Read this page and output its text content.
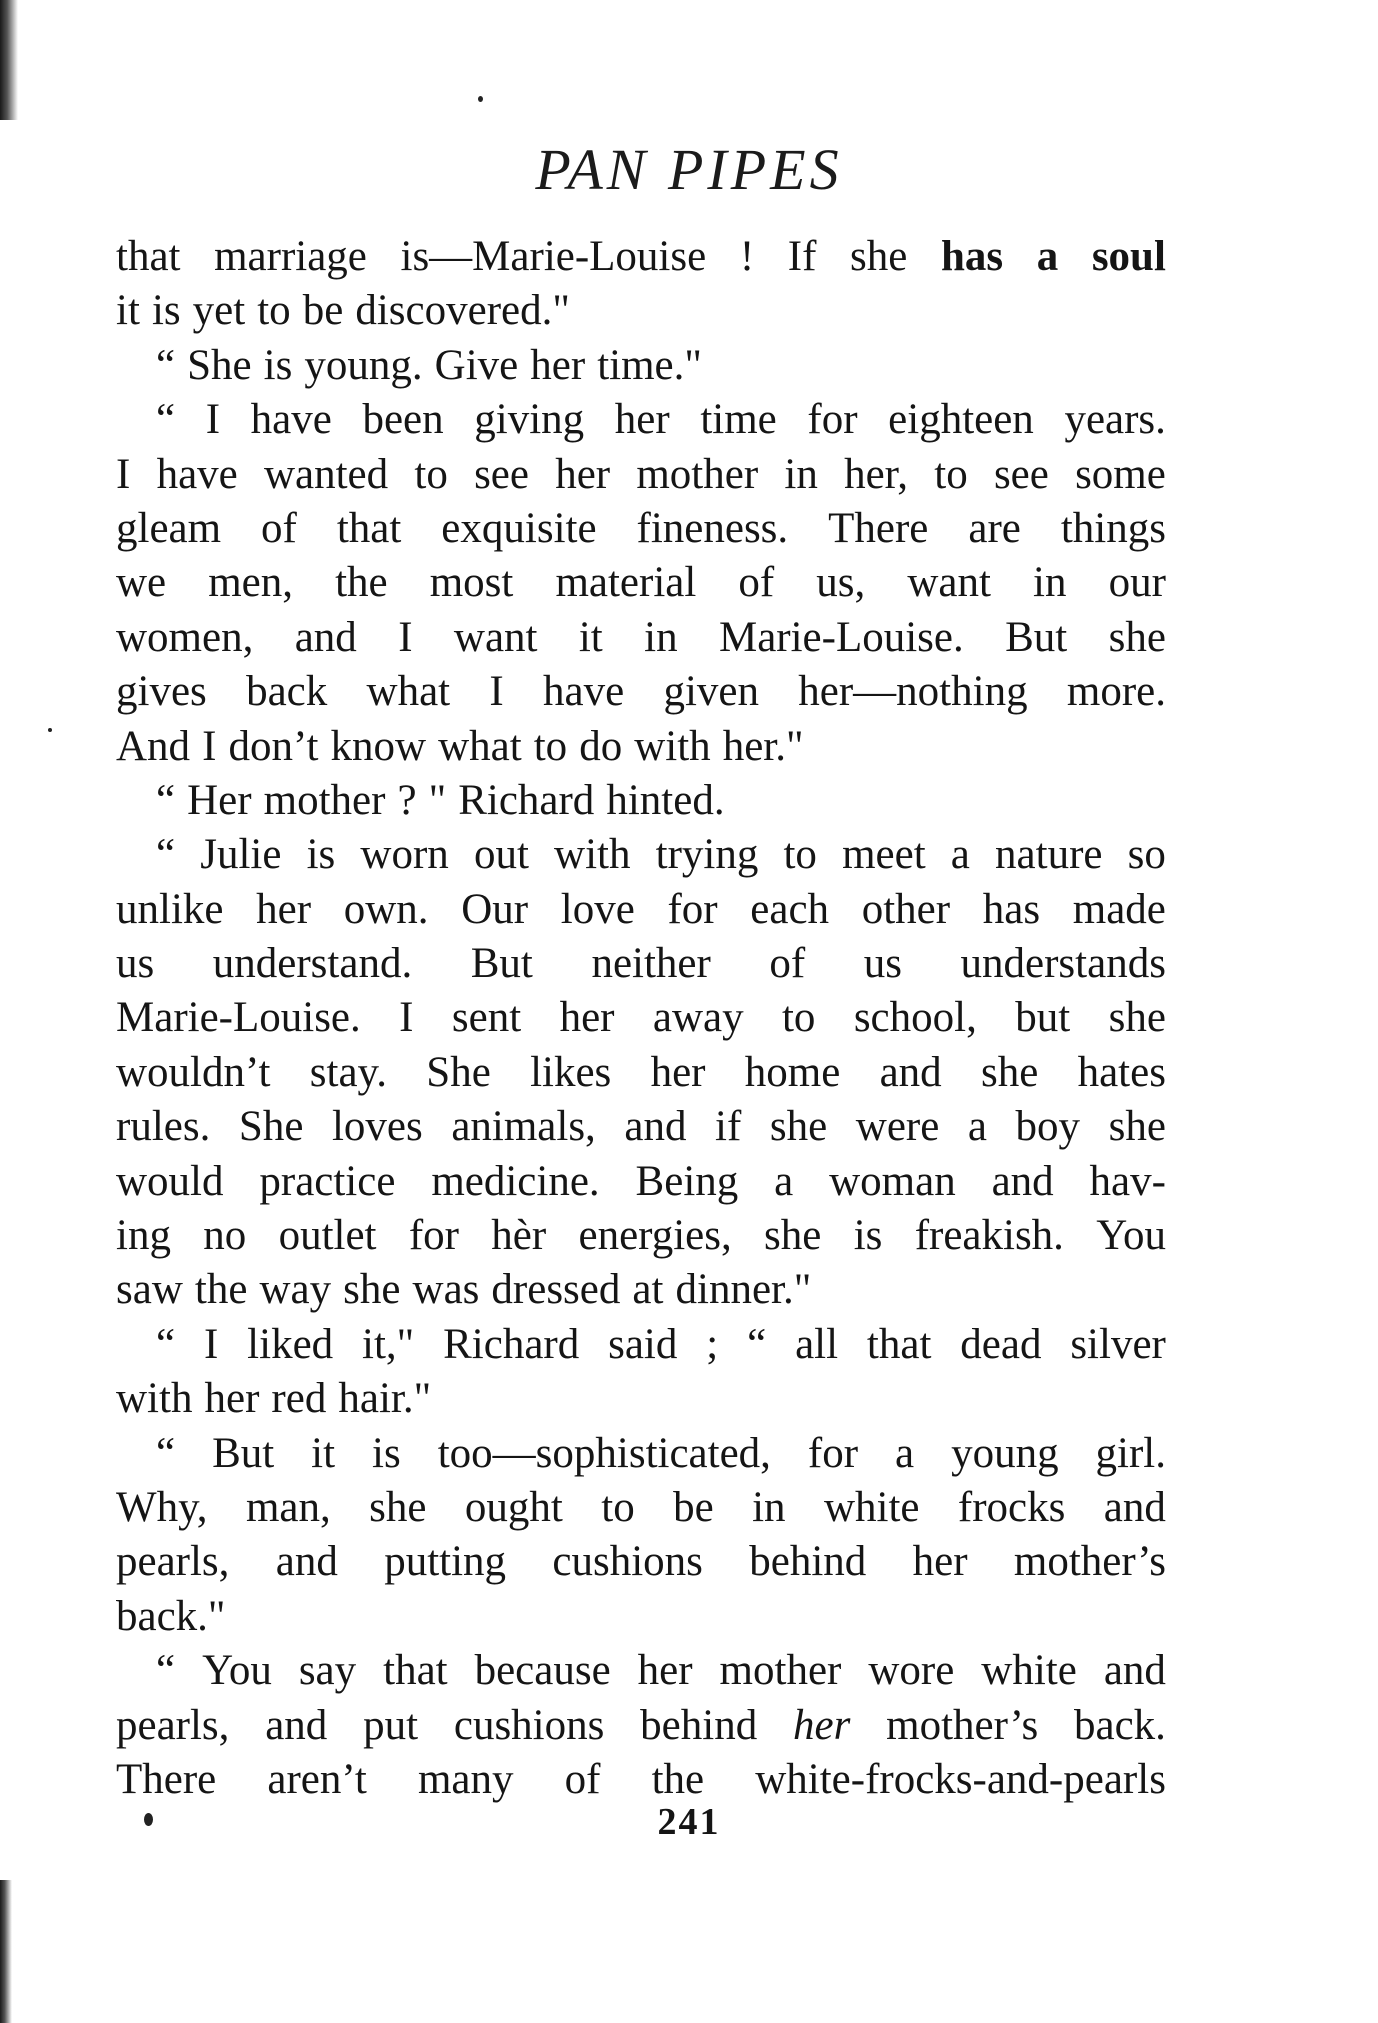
PAN PIPES
that marriage is—Marie-Louise ! If she has a soul
it is yet to be discovered."
“ She is young. Give her time."
“ I have been giving her time for eighteen years.
I have wanted to see her mother in her, to see some
gleam of that exquisite fineness. There are things
we men, the most material of us, want in our
women, and I want it in Marie-Louise. But she
gives back what I have given her—nothing more.
And I don’t know what to do with her."
“ Her mother ? " Richard hinted.
“ Julie is worn out with trying to meet a nature so
unlike her own. Our love for each other has made
us understand. But neither of us understands
Marie-Louise. I sent her away to school, but she
wouldn’t stay. She likes her home and she hates
rules. She loves animals, and if she were a boy she
would practice medicine. Being a woman and hav-
ing no outlet for hèr energies, she is freakish. You
saw the way she was dressed at dinner."
“ I liked it," Richard said ; “ all that dead silver
with her red hair."
“ But it is too—sophisticated, for a young girl.
Why, man, she ought to be in white frocks and
pearls, and putting cushions behind her mother’s
back."
“ You say that because her mother wore white and
pearls, and put cushions behind her mother’s back.
There aren’t many of the white-frocks-and-pearls
241
